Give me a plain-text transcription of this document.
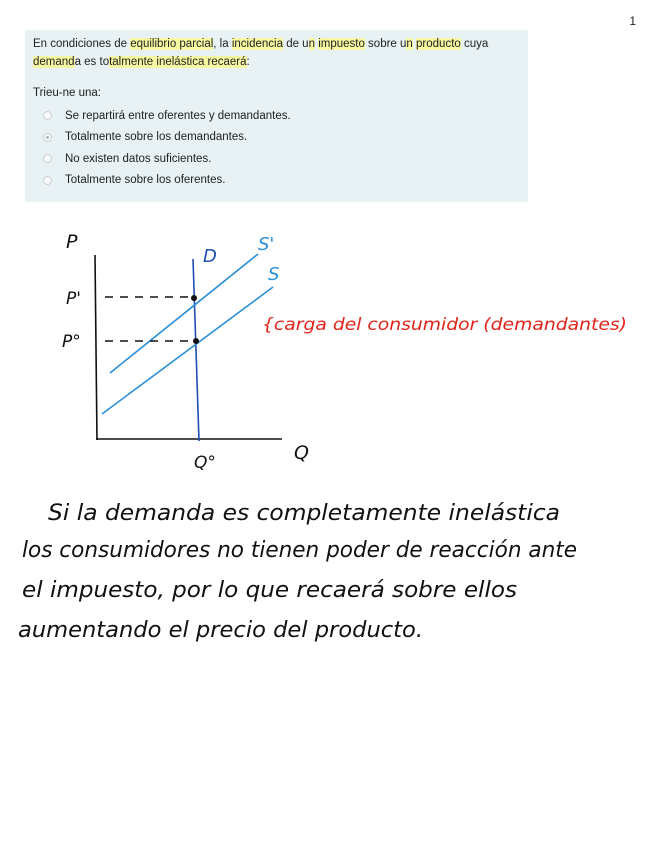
1

En condiciones de equilibrio parcial, la incidencia de un impuesto sobre un producto cuya demanda es totalmente inelástica recaerá:

Trieu-ne una:
Se repartirá entre oferentes y demandantes.
Totalmente sobre los demandantes.
No existen datos suficientes.
Totalmente sobre los oferentes.
P
Q
P'
P°
Q°
D
S
S'
{carga del consumidor (demandantes)
Si la demanda es completamente inelástica
los consumidores no tienen poder de reacción ante
el impuesto, por lo que recaerá sobre ellos
aumentando el precio del producto.
